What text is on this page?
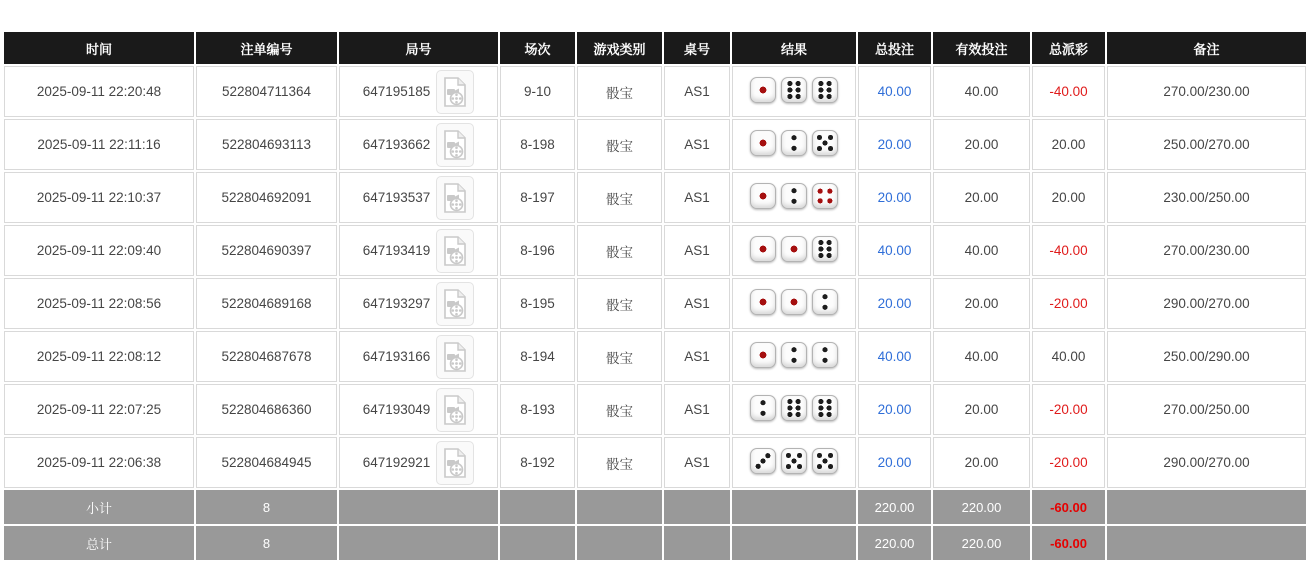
时间	注单编号	局号	场次	游戏类别	桌号	结果	总投注	有效投注	总派彩	备注
2025-09-11 22:20:48	522804711364	647195185	9-10	骰宝	AS1		40.00	40.00	-40.00	270.00/230.00
2025-09-11 22:11:16	522804693113	647193662	8-198	骰宝	AS1		20.00	20.00	20.00	250.00/270.00
2025-09-11 22:10:37	522804692091	647193537	8-197	骰宝	AS1		20.00	20.00	20.00	230.00/250.00
2025-09-11 22:09:40	522804690397	647193419	8-196	骰宝	AS1		40.00	40.00	-40.00	270.00/230.00
2025-09-11 22:08:56	522804689168	647193297	8-195	骰宝	AS1		20.00	20.00	-20.00	290.00/270.00
2025-09-11 22:08:12	522804687678	647193166	8-194	骰宝	AS1		40.00	40.00	40.00	250.00/290.00
2025-09-11 22:07:25	522804686360	647193049	8-193	骰宝	AS1		20.00	20.00	-20.00	270.00/250.00
2025-09-11 22:06:38	522804684945	647192921	8-192	骰宝	AS1		20.00	20.00	-20.00	290.00/270.00
小计	8						220.00	220.00	-60.00	
总计	8						220.00	220.00	-60.00	
